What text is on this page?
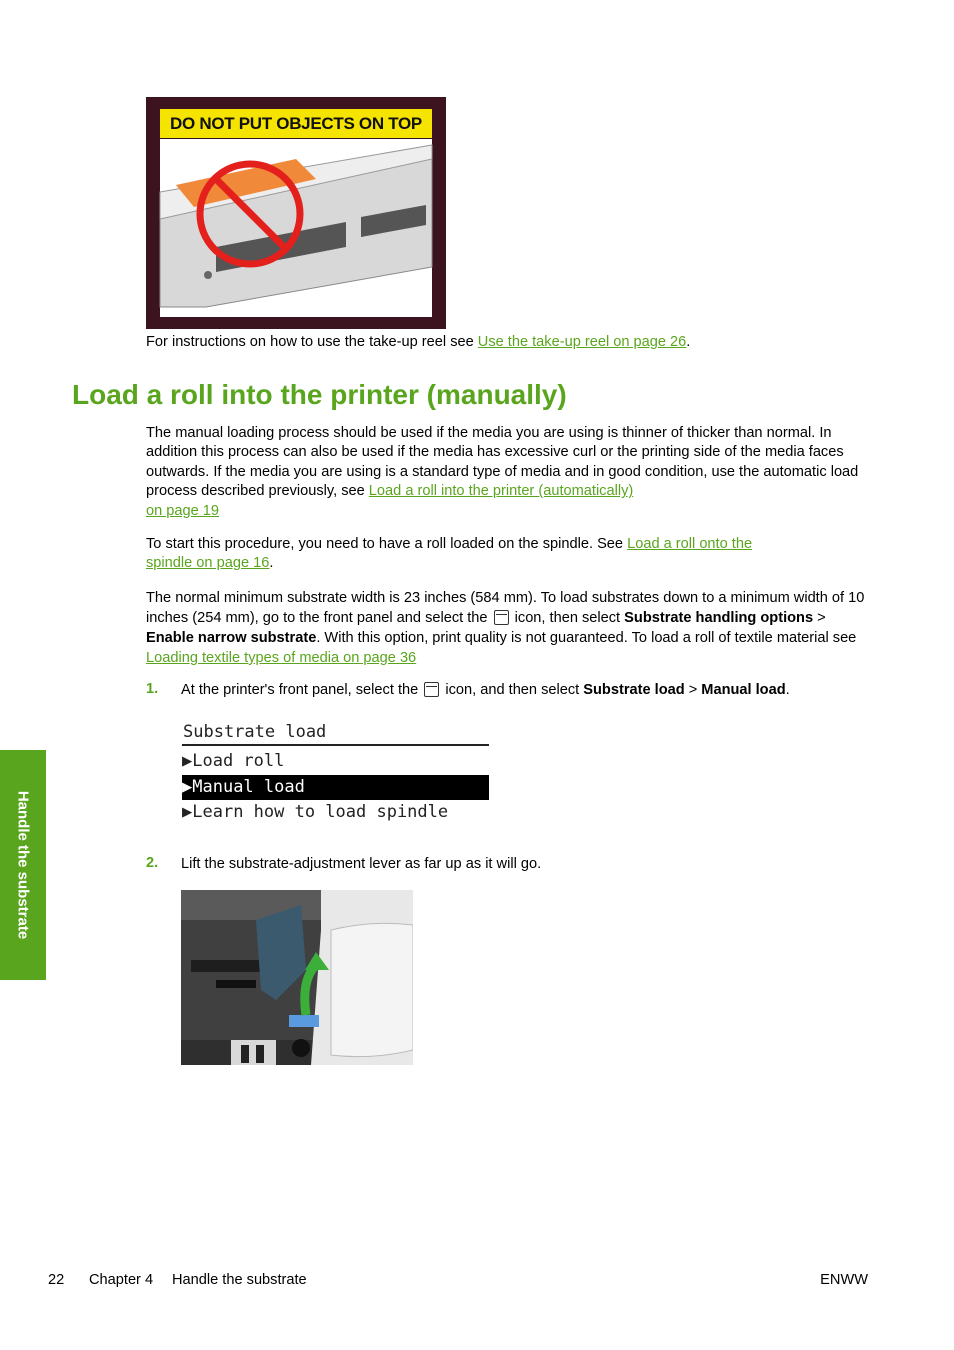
DO NOT PUT OBJECTS ON TOP

For instructions on how to use the take-up reel see Use the take-up reel on page 26.

Load a roll into the printer (manually)

The manual loading process should be used if the media you are using is thinner of thicker than normal. In addition this process can also be used if the media has excessive curl or the printing side of the media faces outwards. If the media you are using is a standard type of media and in good condition, use the automatic load process described previously, see Load a roll into the printer (automatically)
on page 19

To start this procedure, you need to have a roll loaded on the spindle. See Load a roll onto the
spindle on page 16.

The normal minimum substrate width is 23 inches (584 mm). To load substrates down to a minimum width of 10 inches (254 mm), go to the front panel and select the  icon, then select Substrate handling options > Enable narrow substrate. With this option, print quality is not guaranteed. To load a roll of textile material see Loading textile types of media on page 36

1. At the printer's front panel, select the  icon, and then select Substrate load > Manual load.

Substrate load
▶Load roll
▶Manual load
▶Learn how to load spindle
2. Lift the substrate-adjustment lever as far up as it will go.

Handle the substrate
22 Chapter 4 Handle the substrate	ENWW
